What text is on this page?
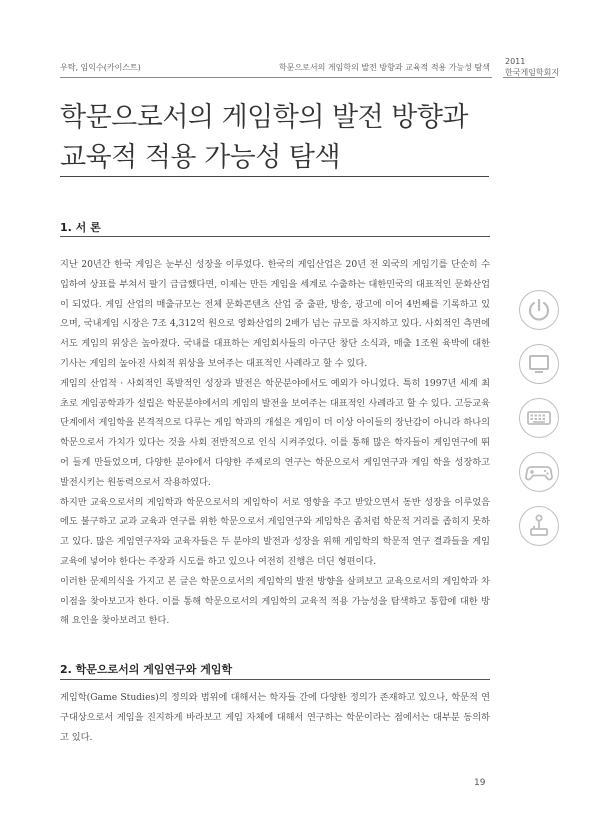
우탁, 임익수(카이스트)	학문으로서의 게임학의 발전 방향과 교육적 적용 가능성 탐색
2011
한국게임학회지
학문으로서의 게임학의 발전 방향과
교육적 적용 가능성 탐색
1. 서 론

지난 20년간 한국 게임은 눈부신 성장을 이루었다. 한국의 게임산업은 20년 전 외국의 게임기를 단순히 수입하여 상표를 부쳐서 팔기 급급했다면, 이제는 만든 게임을 세계로 수출하는 대한민국의 대표적인 문화산업이 되었다. 게임 산업의 매출규모는 전체 문화콘텐츠 산업 중 출판, 방송, 광고에 이어 4번째를 기록하고 있으며, 국내게임 시장은 7조 4,312억 원으로 영화산업의 2배가 넘는 규모를 차지하고 있다. 사회적인 측면에서도 게임의 위상은 높아졌다. 국내를 대표하는 게임회사들의 아구단 창단 소식과, 매출 1조원 육박에 대한 기사는 게임의 높아진 사회적 위상을 보여주는 대표적인 사례라고 할 수 있다.

게임의 산업적 · 사회적인 폭발적인 성장과 발전은 학문분야에서도 예외가 아니었다. 특히 1997년 세계 최초로 게임공학과가 설립은 학문분야에서의 게임의 발전을 보여주는 대표적인 사례라고 할 수 있다. 고등교육단계에서 게임학을 본격적으로 다루는 게임 학과의 개설은 게임이 더 이상 아이들의 장난감이 아니라 하나의 학문으로서 가치가 있다는 것을 사회 전반적으로 인식 시켜주었다. 이를 통해 많은 학자들이 게임연구에 뛰어 들게 만들었으며, 다양한 분야에서 다양한 주제로의 연구는 학문으로서 게임연구과 게임 학을 성장하고 발전시키는 원동력으로서 작용하였다.

하지만 교육으로서의 게임학과 학문으로서의 게임학이 서로 영향을 주고 받았으면서 동반 성장을 이루었음에도 불구하고 교과 교육과 연구를 위한 학문으로서 게임연구와 게임학은 좀처럼 학문적 거리를 좁히지 못하고 있다. 많은 게임연구자와 교육자들은 두 분야의 발전과 성장을 위해 게임학의 학문적 연구 결과들을 게임교육에 넣어야 한다는 주장과 시도를 하고 있으나 여전히 진행은 더딘 형편이다.

이러한 문제의식을 가지고 본 글은 학문으로서의 게임학의 발전 방향을 살펴보고 교육으로서의 게임학과 차이점을 찾아보고자 한다. 이를 통해 학문으로서의 게임학의 교육적 적용 가능성을 탐색하고 통합에 대한 방해 요인을 찾아보려고 한다.

2. 학문으로서의 게임연구와 게임학

게임학(Game Studies)의 정의와 범위에 대해서는 학자들 간에 다양한 정의가 존재하고 있으나, 학문적 연구대상으로서 게임을 진지하게 바라보고 게임 자체에 대해서 연구하는 학문이라는 점에서는 대부분 동의하고 있다.

19
